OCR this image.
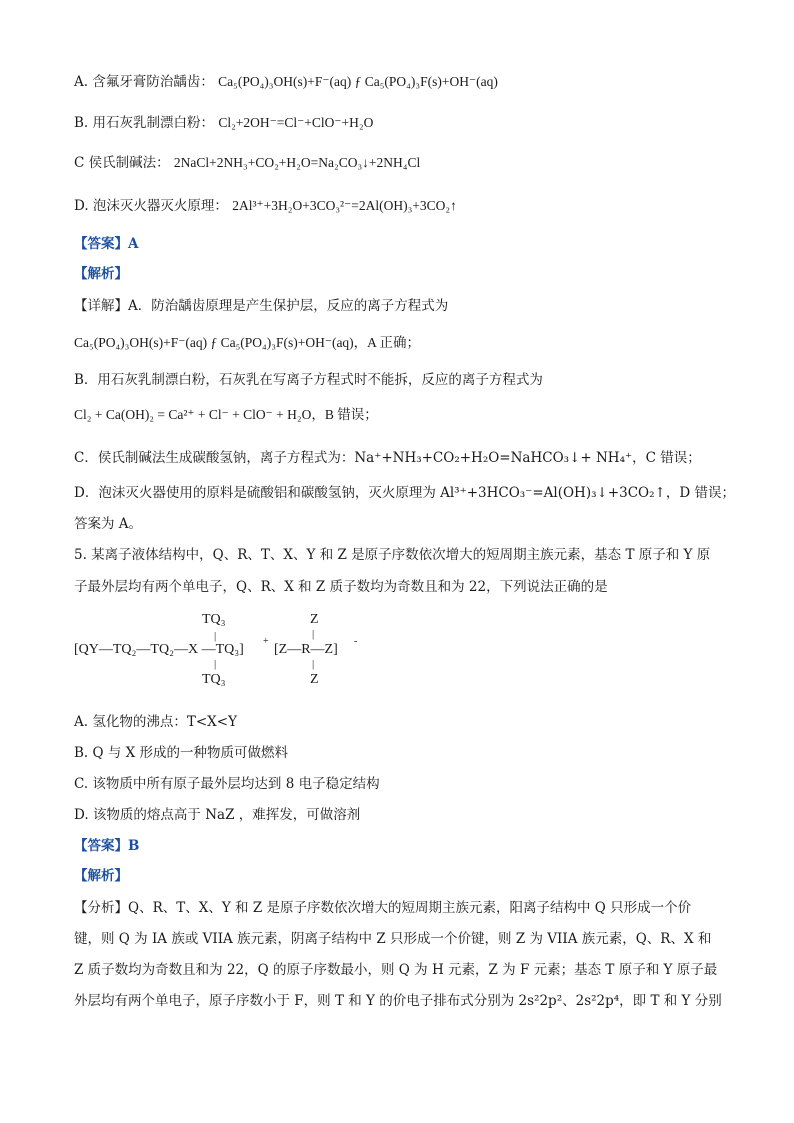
A. 含氟牙膏防治龋齿： Ca₅(PO₄)₃OH(s)+F⁻(aq) ƒ Ca₅(PO₄)₃F(s)+OH⁻(aq)
B. 用石灰乳制漂白粉： Cl₂+2OH⁻=Cl⁻+ClO⁻+H₂O
C 侯氏制碱法： 2NaCl+2NH₃+CO₂+H₂O=Na₂CO₃↓+2NH₄Cl
D. 泡沫灭火器灭火原理： 2Al³⁺+3H₂O+3CO₃²⁻=2Al(OH)₃+3CO₂↑
【答案】A
【解析】
【详解】A．防治龋齿原理是产生保护层，反应的离子方程式为
Ca₅(PO₄)₃OH(s)+F⁻(aq) ƒ Ca₅(PO₄)₃F(s)+OH⁻(aq)，A 正确；
B．用石灰乳制漂白粉，石灰乳在写离子方程式时不能拆，反应的离子方程式为
Cl₂ + Ca(OH)₂ = Ca²⁺ + Cl⁻ + ClO⁻ + H₂O，B 错误；
C．侯氏制碱法生成碳酸氢钠，离子方程式为：Na⁺+NH₃+CO₂+H₂O=NaHCO₃↓+ NH₄⁺，C 错误；
D．泡沫灭火器使用的原料是硫酸铝和碳酸氢钠，灭火原理为 Al³⁺+3HCO₃⁻=Al(OH)₃↓+3CO₂↑，D 错误；
答案为 A。
5. 某离子液体结构中，Q、R、T、X、Y 和 Z 是原子序数依次增大的短周期主族元素，基态 T 原子和 Y 原
子最外层均有两个单电子，Q、R、X 和 Z 质子数均为奇数且和为 22，下列说法正确的是
TQ₃
|
[QY—TQ₂—TQ₂—X —TQ₃]
+
|
TQ₃
Z
|
[Z—R—Z]
-
|
Z
A. 氢化物的沸点：T<X<Y
B. Q 与 X 形成的一种物质可做燃料
C. 该物质中所有原子最外层均达到 8 电子稳定结构
D. 该物质的熔点高于 NaZ ，难挥发，可做溶剂
【答案】B
【解析】
【分析】Q、R、T、X、Y 和 Z 是原子序数依次增大的短周期主族元素，阳离子结构中 Q 只形成一个价
键，则 Q 为 IA 族或 VIIA 族元素，阴离子结构中 Z 只形成一个价键，则 Z 为 VIIA 族元素，Q、R、X 和
Z 质子数均为奇数且和为 22，Q 的原子序数最小，则 Q 为 H 元素，Z 为 F 元素；基态 T 原子和 Y 原子最
外层均有两个单电子，原子序数小于 F，则 T 和 Y 的价电子排布式分别为 2s²2p²、2s²2p⁴，即 T 和 Y 分别
